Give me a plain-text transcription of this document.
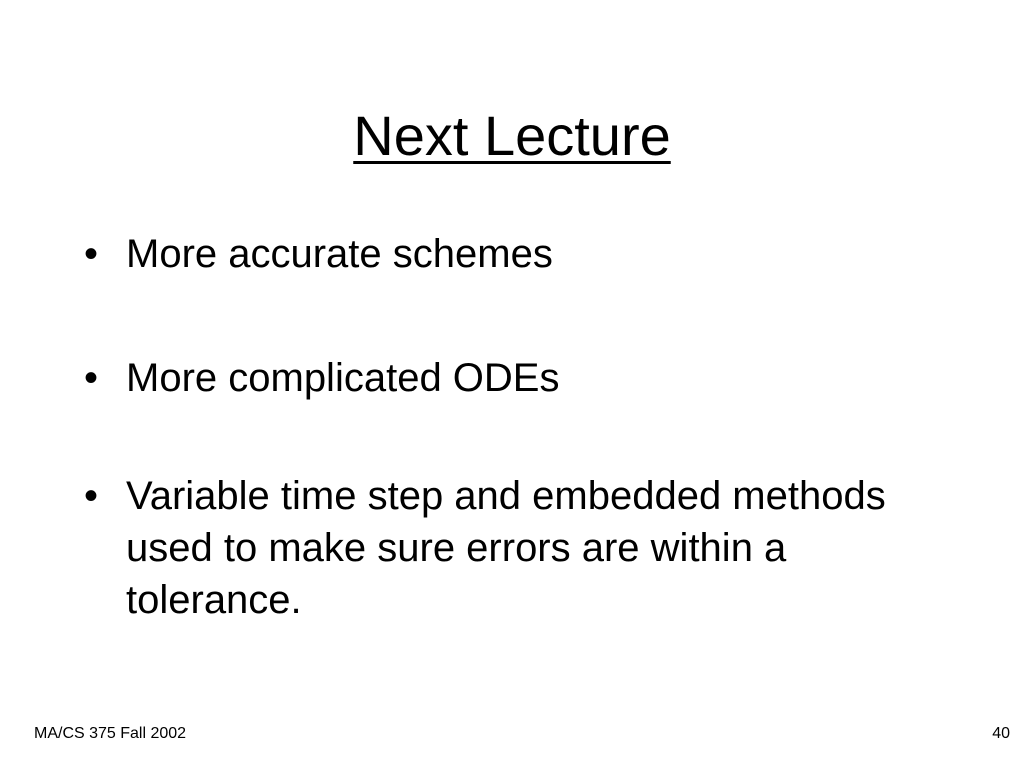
Next Lecture
• More accurate schemes
• More complicated ODEs
• Variable time step and embedded methods used to make sure errors are within a tolerance.
MA/CS 375 Fall 2002	40
